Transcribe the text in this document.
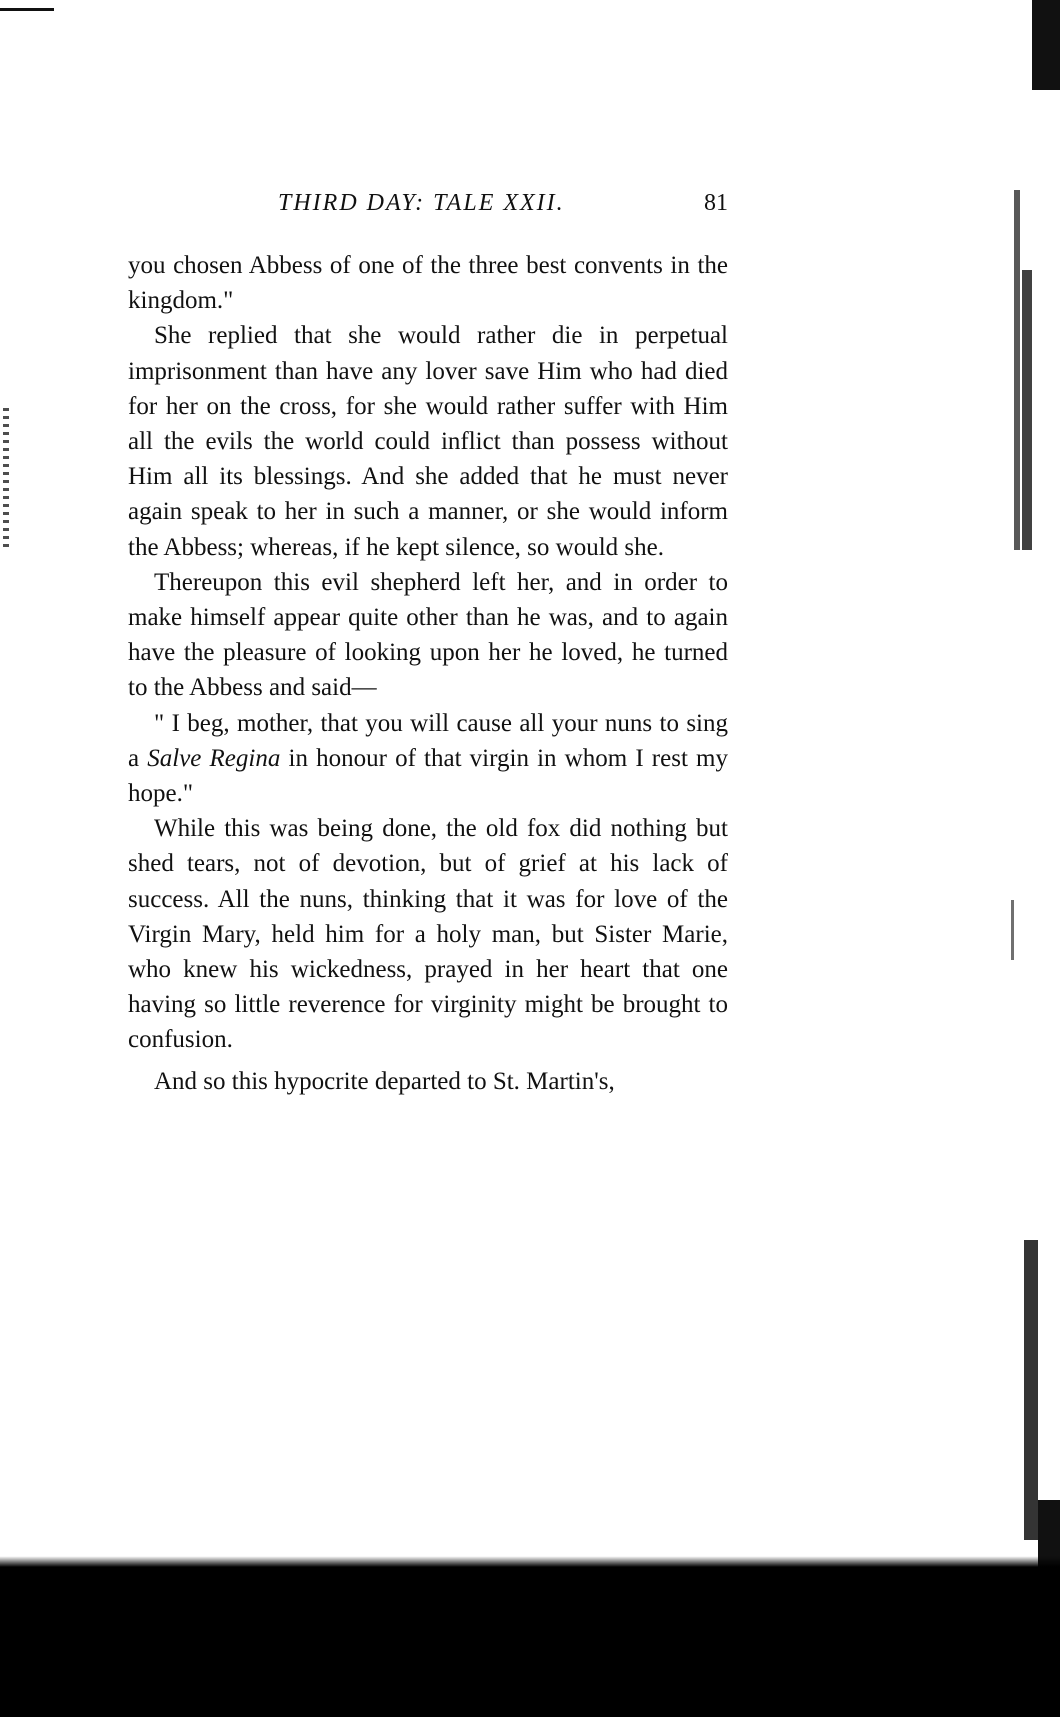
THIRD DAY: TALE XXII.	81

you chosen Abbess of one of the three best convents in the kingdom."

She replied that she would rather die in perpetual imprisonment than have any lover save Him who had died for her on the cross, for she would rather suffer with Him all the evils the world could inflict than possess without Him all its blessings. And she added that he must never again speak to her in such a manner, or she would inform the Abbess; whereas, if he kept silence, so would she.

Thereupon this evil shepherd left her, and in order to make himself appear quite other than he was, and to again have the pleasure of looking upon her he loved, he turned to the Abbess and said—

" I beg, mother, that you will cause all your nuns to sing a Salve Regina in honour of that virgin in whom I rest my hope."

While this was being done, the old fox did nothing but shed tears, not of devotion, but of grief at his lack of success. All the nuns, thinking that it was for love of the Virgin Mary, held him for a holy man, but Sister Marie, who knew his wickedness, prayed in her heart that one having so little reverence for virginity might be brought to confusion.

And so this hypocrite departed to St. Martin's,
